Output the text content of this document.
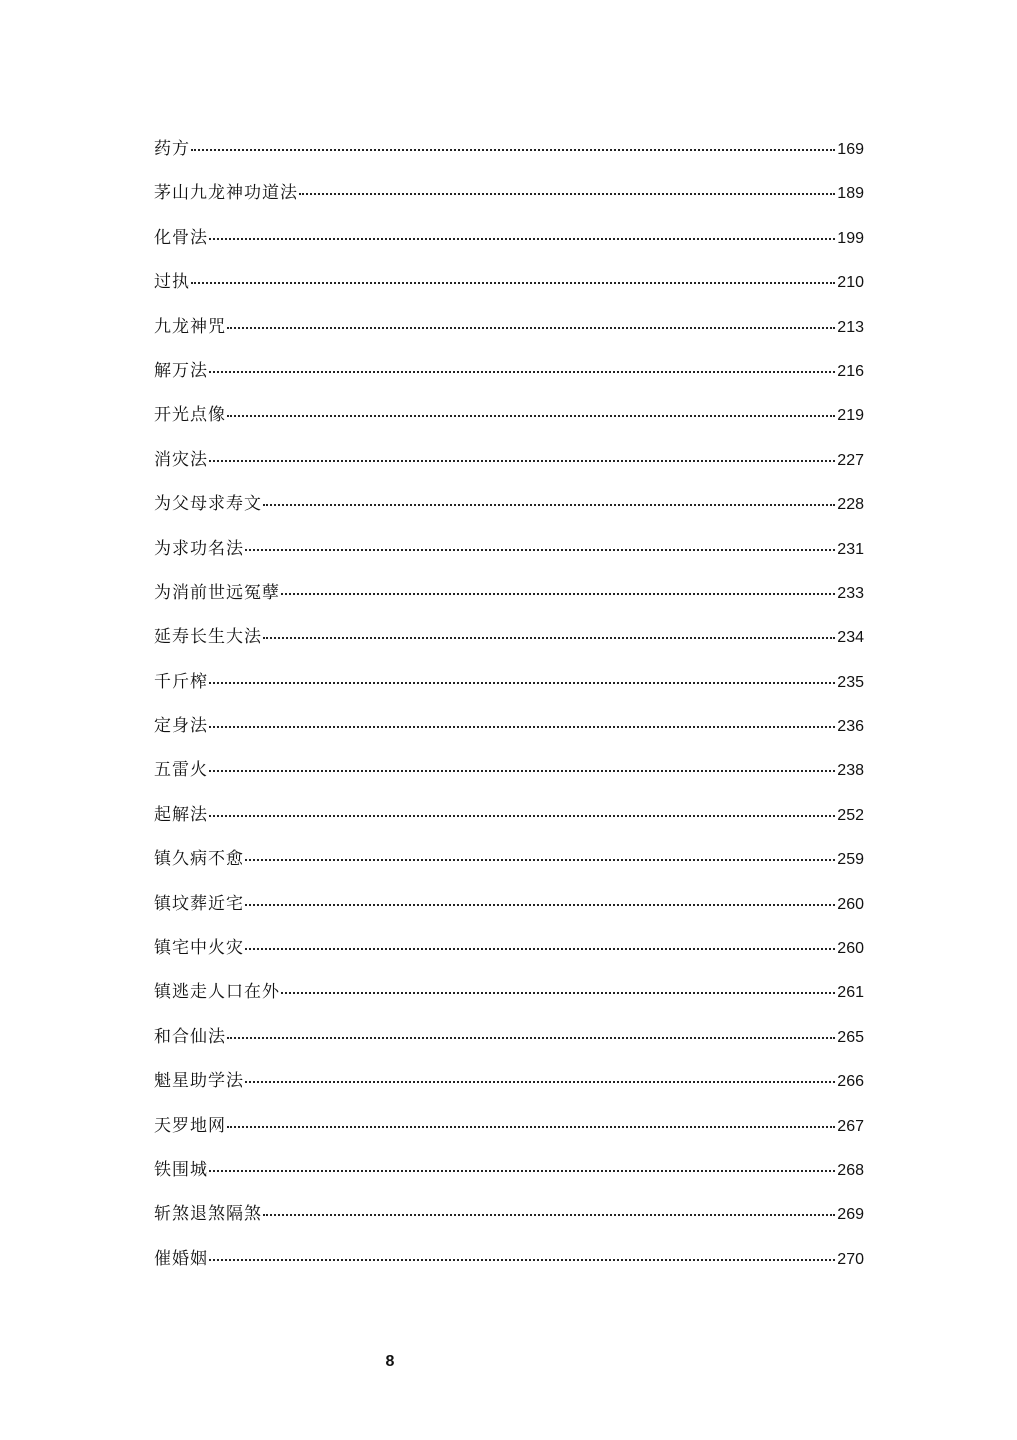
药方	169
茅山九龙神功道法	189
化骨法	199
过执	210
九龙神咒	213
解万法	216
开光点像	219
消灾法	227
为父母求寿文	228
为求功名法	231
为消前世远冤孽	233
延寿长生大法	234
千斤榨	235
定身法	236
五雷火	238
起解法	252
镇久病不愈	259
镇坟葬近宅	260
镇宅中火灾	260
镇逃走人口在外	261
和合仙法	265
魁星助学法	266
天罗地网	267
铁围城	268
斩煞退煞隔煞	269
催婚姻	270
8
